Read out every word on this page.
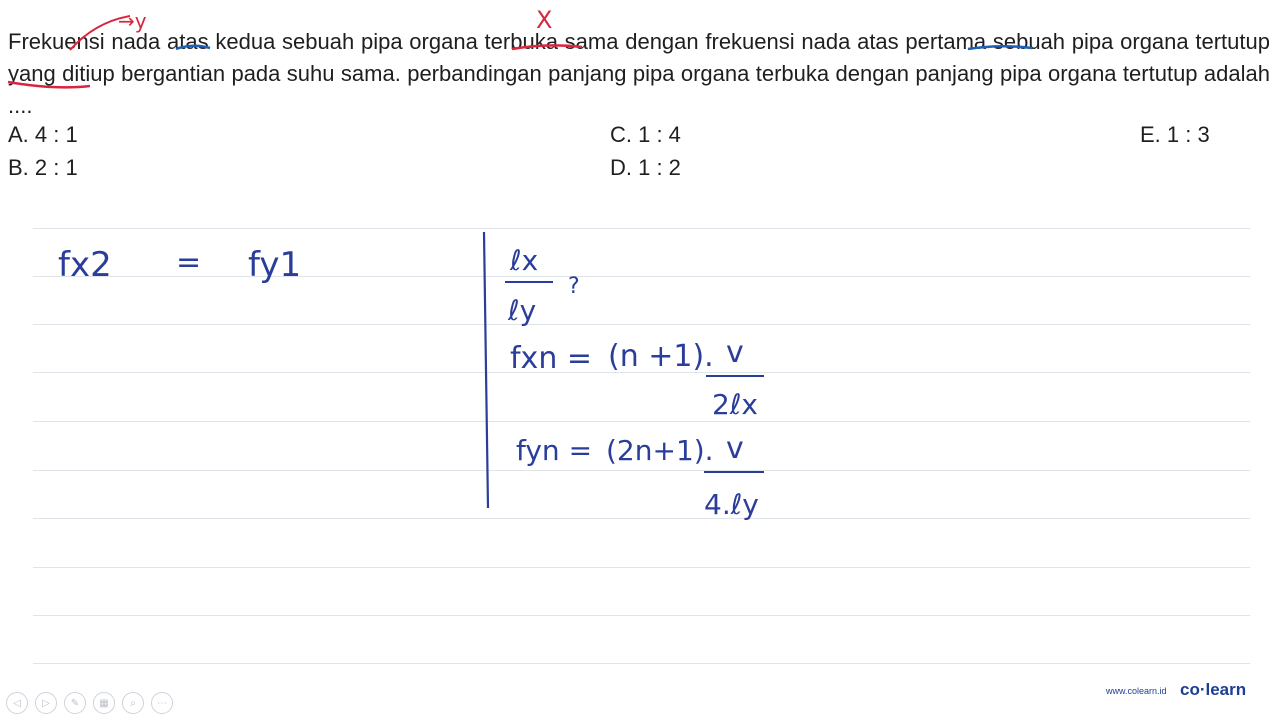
Frekuensi nada atas kedua sebuah pipa organa terbuka sama dengan frekuensi nada atas pertama sebuah pipa organa tertutup yang ditiup bergantian pada suhu sama. perbandingan panjang pipa organa terbuka dengan panjang pipa organa tertutup adalah ....
A. 4 : 1
B. 2 : 1
C. 1 : 4
D. 1 : 2
E. 1 : 3
→y	X
fx2 = fy1	ℓx
ℓy
?
fxn = (n +1). v
2ℓx
fyn = (2n+1). v
4.ℓy
◁	▷	✎	▦	⌕	⋯
www.colearn.id co·learn
